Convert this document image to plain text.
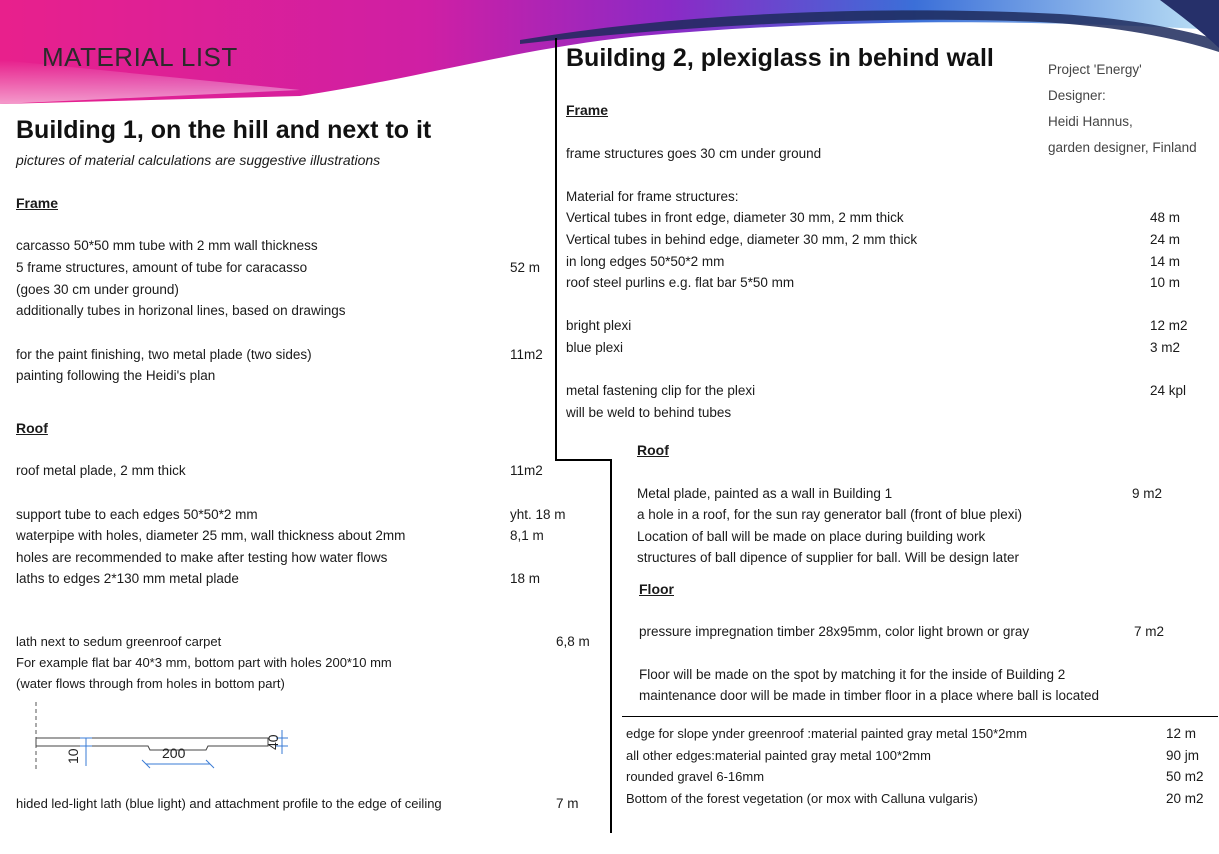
MATERIAL LIST	Project 'Energy'
Designer:
Heidi Hannus,
garden designer, Finland
Building 1, on the hill and next to it
pictures of material calculations are suggestive illustrations
Frame
carcasso 50*50 mm tube with 2 mm wall thickness
5 frame structures, amount of tube for caracasso	52 m
(goes 30 cm under ground)
additionally tubes in horizonal lines, based on drawings
for the paint finishing, two metal plade (two sides)	11m2
painting following the Heidi's plan
Roof
roof metal plade, 2 mm thick	11m2
support tube to each edges 50*50*2 mm	yht. 18 m
waterpipe with holes, diameter 25 mm, wall thickness about 2mm	8,1 m
holes are recommended to make after testing how water flows
laths to edges 2*130 mm metal plade	18 m
lath next to sedum greenroof carpet	6,8 m
For example flat bar 40*3 mm, bottom part with holes 200*10 mm
(water flows through from holes in bottom part)
10	200
40
hided led-light lath (blue light) and attachment profile to the edge of ceiling	7 m
Building 2, plexiglass in behind wall
Frame
frame structures goes 30 cm under ground
Material for frame structures:
Vertical tubes in front edge, diameter 30 mm, 2 mm thick	48 m
Vertical tubes in behind edge, diameter 30 mm, 2 mm thick	24 m
in long edges 50*50*2 mm	14 m
roof steel purlins e.g. flat bar 5*50 mm	10 m
bright plexi	12 m2
blue plexi	3 m2
metal fastening clip for the plexi	24 kpl
will be weld to behind tubes
Roof
Metal plade, painted as a wall in Building 1	9 m2
a hole in a roof, for the sun ray generator ball (front of blue plexi)
Location of ball will be made on place during building work
structures of ball dipence of supplier for ball. Will be design later
Floor
pressure impregnation timber 28x95mm, color light brown or gray	7 m2
Floor will be made on the spot by matching it for the inside of Building 2
maintenance door will be made in timber floor in a place where ball is located
edge for slope ynder greenroof :material painted gray metal 150*2mm	12 m
all other edges:material painted gray metal 100*2mm	90 jm
rounded gravel 6-16mm	50 m2
Bottom of the forest vegetation (or mox with Calluna vulgaris)	20 m2
